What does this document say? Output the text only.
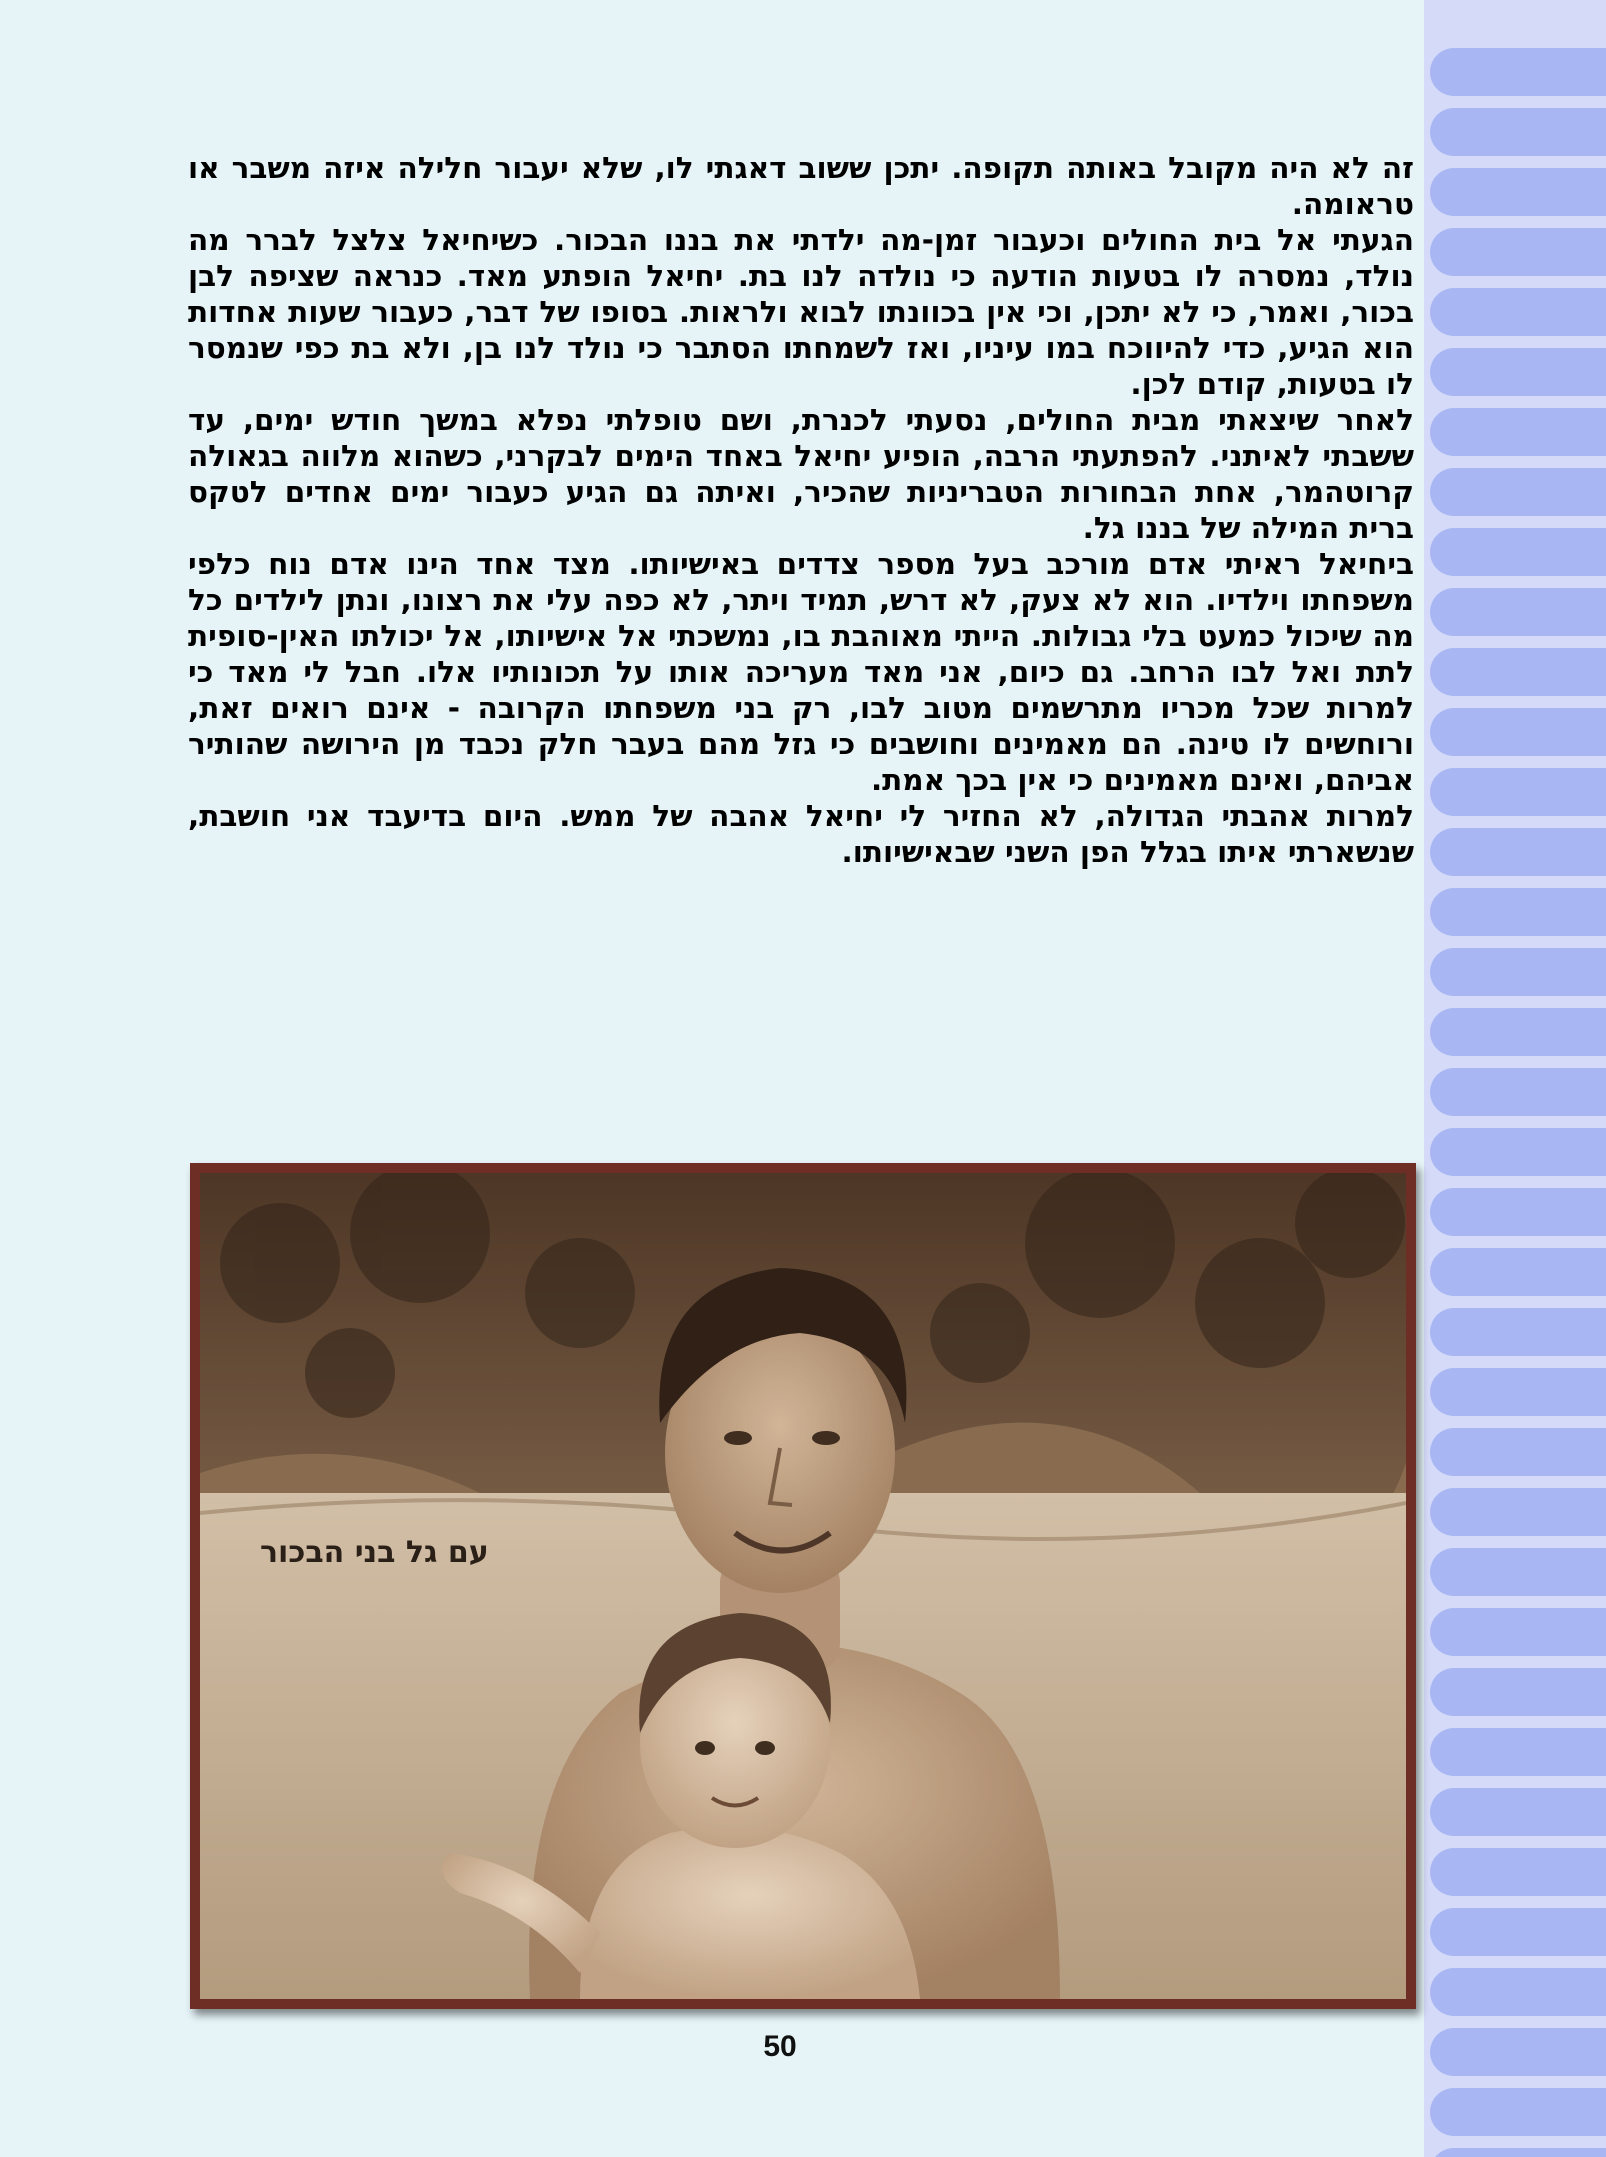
זה לא היה מקובל באותה תקופה. יתכן ששוב דאגתי לו, שלא יעבור חלילה איזה משבר או טראומה.

הגעתי אל בית החולים וכעבור זמן-מה ילדתי את בננו הבכור. כשיחיאל צלצל לברר מה נולד, נמסרה לו בטעות הודעה כי נולדה לנו בת. יחיאל הופתע מאד. כנראה שציפה לבן בכור, ואמר, כי לא יתכן, וכי אין בכוונתו לבוא ולראות. בסופו של דבר, כעבור שעות אחדות הוא הגיע, כדי להיווכח במו עיניו, ואז לשמחתו הסתבר כי נולד לנו בן, ולא בת כפי שנמסר לו בטעות, קודם לכן.

לאחר שיצאתי מבית החולים, נסעתי לכנרת, ושם טופלתי נפלא במשך חודש ימים, עד ששבתי לאיתני. להפתעתי הרבה, הופיע יחיאל באחד הימים לבקרני, כשהוא מלווה בגאולה קרוטהמר, אחת הבחורות הטבריניות שהכיר, ואיתה גם הגיע כעבור ימים אחדים לטקס ברית המילה של בננו גל.

ביחיאל ראיתי אדם מורכב בעל מספר צדדים באישיותו. מצד אחד הינו אדם נוח כלפי משפחתו וילדיו. הוא לא צעק, לא דרש, תמיד ויתר, לא כפה עלי את רצונו, ונתן לילדים כל מה שיכול כמעט בלי גבולות. הייתי מאוהבת בו, נמשכתי אל אישיותו, אל יכולתו האין-סופית לתת ואל לבו הרחב. גם כיום, אני מאד מעריכה אותו על תכונותיו אלו. חבל לי מאד כי למרות שכל מכריו מתרשמים מטוב לבו, רק בני משפחתו הקרובה - אינם רואים זאת, ורוחשים לו טינה. הם מאמינים וחושבים כי גזל מהם בעבר חלק נכבד מן הירושה שהותיר אביהם, ואינם מאמינים כי אין בכך אמת.

למרות אהבתי הגדולה, לא החזיר לי יחיאל אהבה של ממש. היום בדיעבד אני חושבת, שנשארתי איתו בגלל הפן השני שבאישיותו.

עם גל בני הבכור
50
